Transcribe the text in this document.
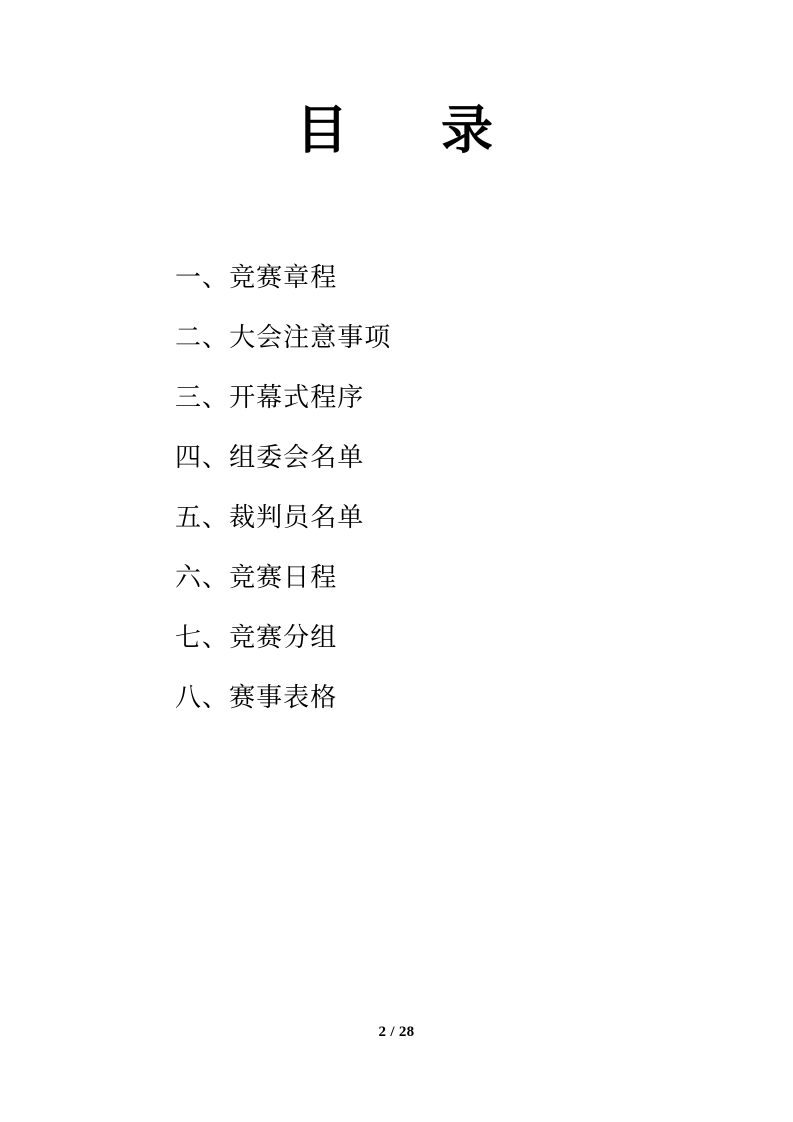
目    录
一、竞赛章程
二、大会注意事项
三、开幕式程序
四、组委会名单
五、裁判员名单
六、竞赛日程
七、竞赛分组
八、赛事表格
2 / 28
